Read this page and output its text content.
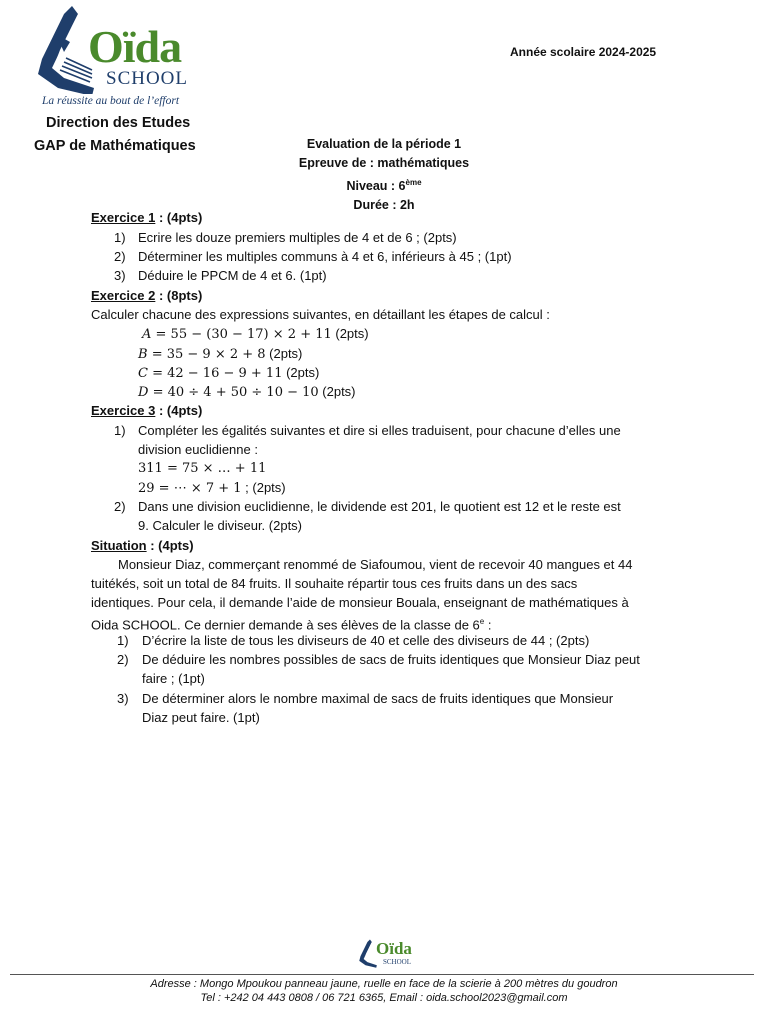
Oïda
SCHOOL
La réussite au bout de l’effort
Direction des Etudes
GAP de Mathématiques
Année scolaire 2024-2025
Evaluation de la période 1
Epreuve de : mathématiques
Niveau : 6ème
Durée : 2h
Exercice 1 : (4pts)
1) Ecrire les douze premiers multiples de 4 et de 6 ; (2pts)
2) Déterminer les multiples communs à 4 et 6, inférieurs à 45 ; (1pt)
3) Déduire le PPCM de 4 et 6. (1pt)
Exercice 2 : (8pts)
Calculer chacune des expressions suivantes, en détaillant les étapes de calcul :
A = 55 − (30 − 17) × 2 + 11 (2pts)
B = 35 − 9 × 2 + 8 (2pts)
C = 42 − 16 − 9 + 11 (2pts)
D = 40 ÷ 4 + 50 ÷ 10 − 10 (2pts)
Exercice 3 : (4pts)
1) Compléter les égalités suivantes et dire si elles traduisent, pour chacune d’elles une
division euclidienne :
311 = 75 × … + 11
29 = ⋯ × 7 + 1 ; (2pts)
2) Dans une division euclidienne, le dividende est 201, le quotient est 12 et le reste est
9. Calculer le diviseur. (2pts)
Situation : (4pts)
Monsieur Diaz, commerçant renommé de Siafoumou, vient de recevoir 40 mangues et 44
tuitékés, soit un total de 84 fruits. Il souhaite répartir tous ces fruits dans un des sacs
identiques. Pour cela, il demande l’aide de monsieur Bouala, enseignant de mathématiques à
Oida SCHOOL. Ce dernier demande à ses élèves de la classe de 6e :
1) D’écrire la liste de tous les diviseurs de 40 et celle des diviseurs de 44 ; (2pts)
2) De déduire les nombres possibles de sacs de fruits identiques que Monsieur Diaz peut
faire ; (1pt)
3) De déterminer alors le nombre maximal de sacs de fruits identiques que Monsieur
Diaz peut faire. (1pt)
Oïda
SCHOOL
Adresse : Mongo Mpoukou panneau jaune, ruelle en face de la scierie à 200 mètres du goudron
Tel : +242 04 443 0808 / 06 721 6365, Email : oida.school2023@gmail.com
